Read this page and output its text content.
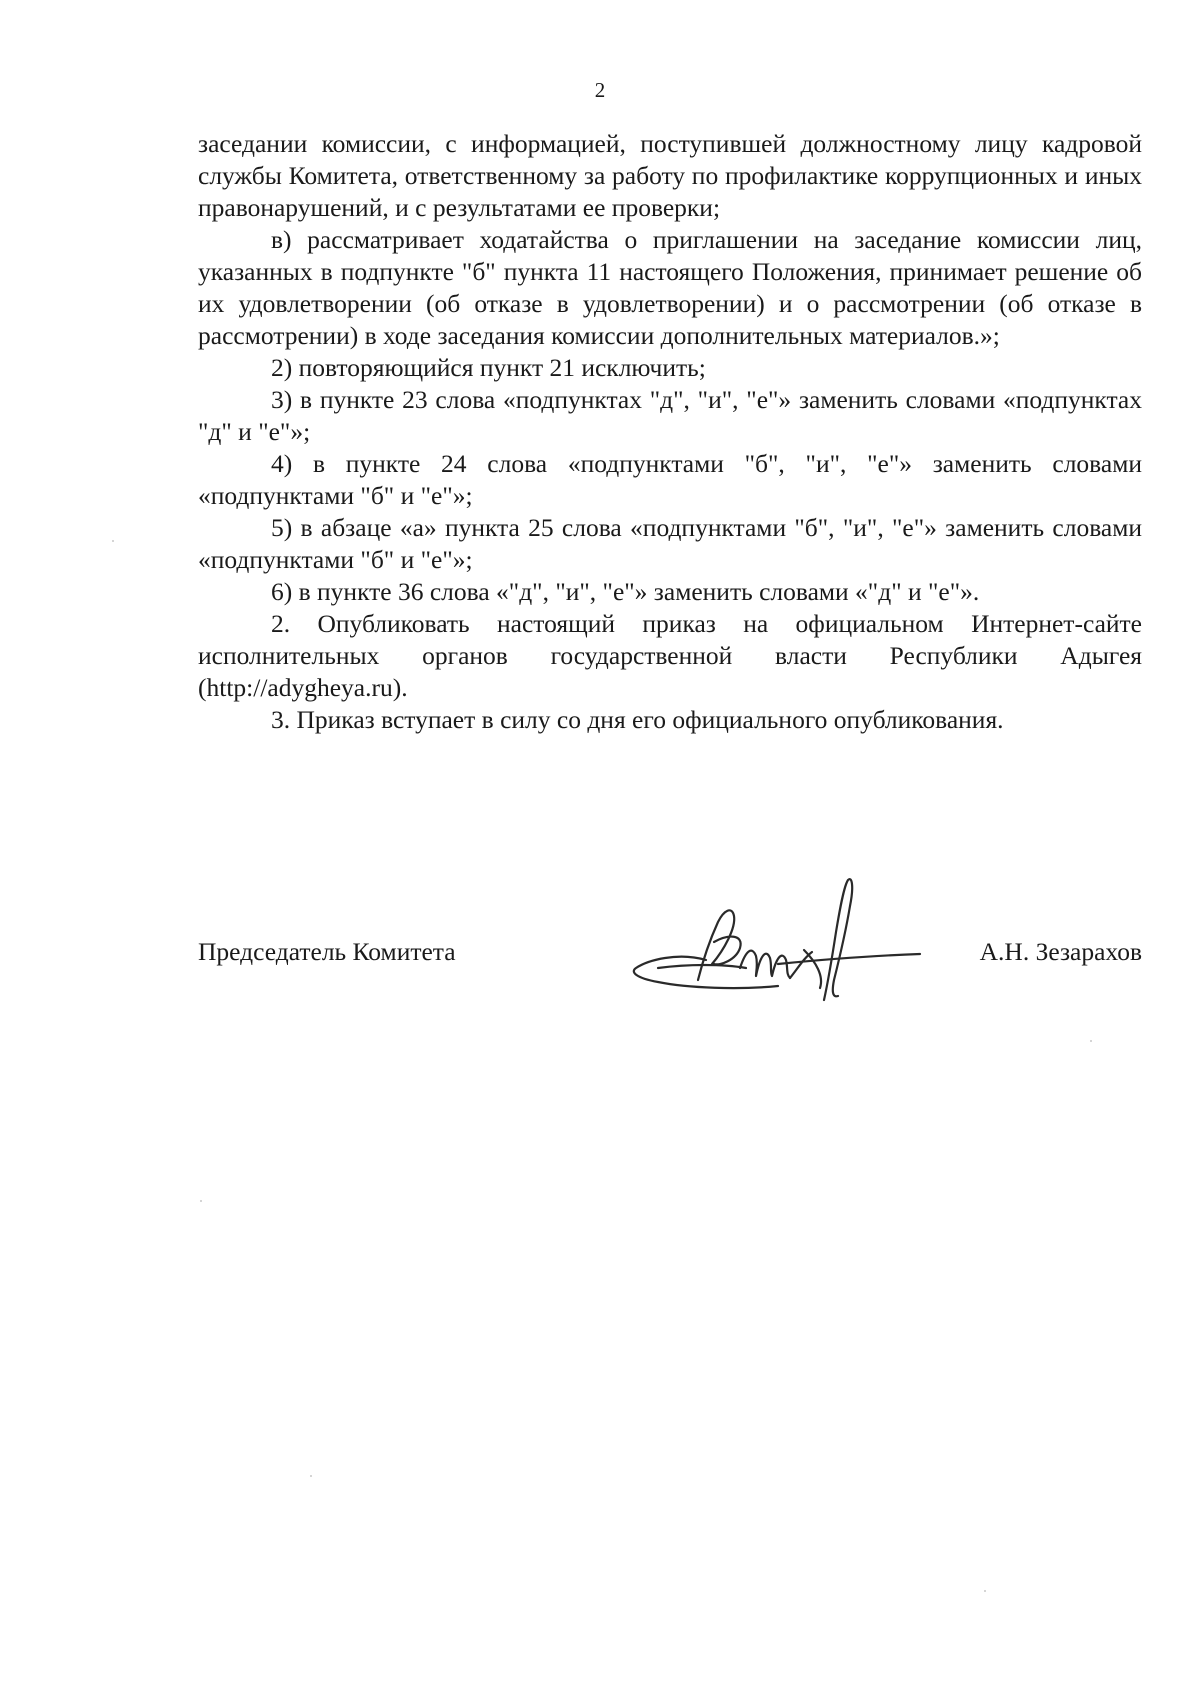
2

заседании комиссии, с информацией, поступившей должностному лицу кадровой службы Комитета, ответственному за работу по профилактике коррупционных и иных правонарушений, и с результатами ее проверки;

в) рассматривает ходатайства о приглашении на заседание комиссии лиц, указанных в подпункте "б" пункта 11 настоящего Положения, принимает решение об их удовлетворении (об отказе в удовлетворении) и о рассмотрении (об отказе в рассмотрении) в ходе заседания комиссии дополнительных материалов.»;

2) повторяющийся пункт 21 исключить;

3) в пункте 23 слова «подпунктах "д", "и", "е"» заменить словами «подпунктах "д" и "е"»;

4) в пункте 24 слова «подпунктами "б", "и", "е"» заменить словами «подпунктами "б" и "е"»;

5) в абзаце «а» пункта 25 слова «подпунктами "б", "и", "е"» заменить словами «подпунктами "б" и "е"»;

6) в пункте 36 слова «"д", "и", "е"» заменить словами «"д" и "е"».

2. Опубликовать настоящий приказ на официальном Интернет-сайте исполнительных органов государственной власти Республики Адыгея (http://adygheya.ru).

3. Приказ вступает в силу со дня его официального опубликования.

Председатель Комитета	А.Н. Зезарахов
